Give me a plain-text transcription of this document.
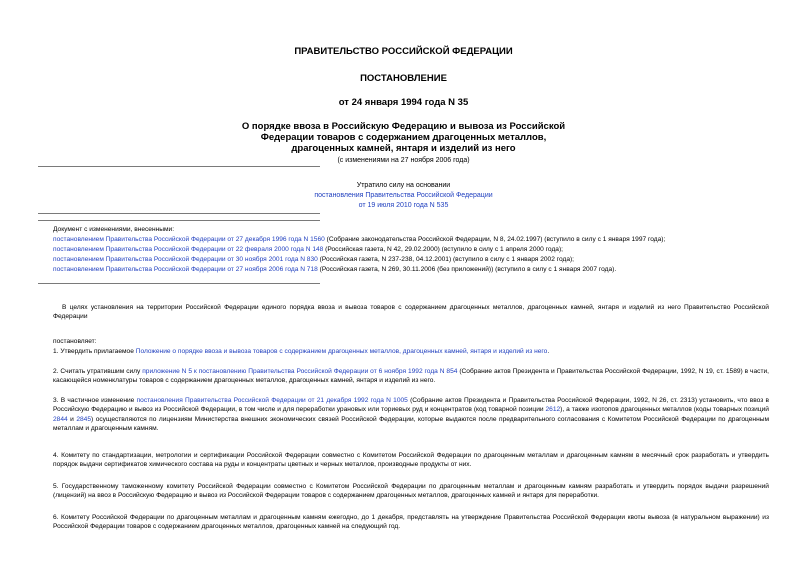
ПРАВИТЕЛЬСТВО РОССИЙСКОЙ ФЕДЕРАЦИИ
ПОСТАНОВЛЕНИЕ
от 24 января 1994 года N 35
О порядке ввоза в Российскую Федерацию и вывоза из Российской
Федерации товаров с содержанием драгоценных металлов,
драгоценных камней, янтаря и изделий из него
(с изменениями на 27 ноября 2006 года)
Утратило силу на основании
постановления Правительства Российской Федерации
от 19 июля 2010 года N 535
Документ с изменениями, внесенными:
постановлением Правительства Российской Федерации от 27 декабря 1996 года N 1560 (Собрание законодательства Российской Федерации, N 8, 24.02.1997) (вступило в силу с 1 января 1997 года);
постановлением Правительства Российской Федерации от 22 февраля 2000 года N 148 (Российская газета, N 42, 29.02.2000) (вступило в силу с 1 апреля 2000 года);
постановлением Правительства Российской Федерации от 30 ноября 2001 года N 830 (Российская газета, N 237-238, 04.12.2001) (вступило в силу с 1 января 2002 года);
постановлением Правительства Российской Федерации от 27 ноября 2006 года N 718 (Российская газета, N 269, 30.11.2006 (без приложений)) (вступило в силу с 1 января 2007 года).
В целях установления на территории Российской Федерации единого порядка ввоза и вывоза товаров с содержанием драгоценных металлов, драгоценных камней, янтаря и изделий из него Правительство Российской Федерации
постановляет:
1. Утвердить прилагаемое Положение о порядке ввоза и вывоза товаров с содержанием драгоценных металлов, драгоценных камней, янтаря и изделий из него.
2. Считать утратившим силу приложение N 5 к постановлению Правительства Российской Федерации от 6 ноября 1992 года N 854 (Собрание актов Президента и Правительства Российской Федерации, 1992, N 19, ст. 1589) в части, касающейся номенклатуры товаров с содержанием драгоценных металлов, драгоценных камней, янтаря и изделий из него.
3. В частичное изменение постановления Правительства Российской Федерации от 21 декабря 1992 года N 1005 (Собрание актов Президента и Правительства Российской Федерации, 1992, N 26, ст. 2313) установить, что ввоз в Российскую Федерацию и вывоз из Российской Федерации, в том числе и для переработки урановых или ториевых руд и концентратов (код товарной позиции 2612), а также изотопов драгоценных металлов (коды товарных позиций 2844 и 2845) осуществляются по лицензиям Министерства внешних экономических связей Российской Федерации, которые выдаются после предварительного согласования с Комитетом Российской Федерации по драгоценным металлам и драгоценным камням.
4. Комитету по стандартизации, метрологии и сертификации Российской Федерации совместно с Комитетом Российской Федерации по драгоценным металлам и драгоценным камням в месячный срок разработать и утвердить порядок выдачи сертификатов химического состава на руды и концентраты цветных и черных металлов, производные продукты от них.
5. Государственному таможенному комитету Российской Федерации совместно с Комитетом Российской Федерации по драгоценным металлам и драгоценным камням разработать и утвердить порядок выдачи разрешений (лицензий) на ввоз в Российскую Федерацию и вывоз из Российской Федерации товаров с содержанием драгоценных металлов, драгоценных камней и янтаря для переработки.
6. Комитету Российской Федерации по драгоценным металлам и драгоценным камням ежегодно, до 1 декабря, представлять на утверждение Правительства Российской Федерации квоты вывоза (в натуральном выражении) из Российской Федерации товаров с содержанием драгоценных металлов, драгоценных камней на следующий год.
